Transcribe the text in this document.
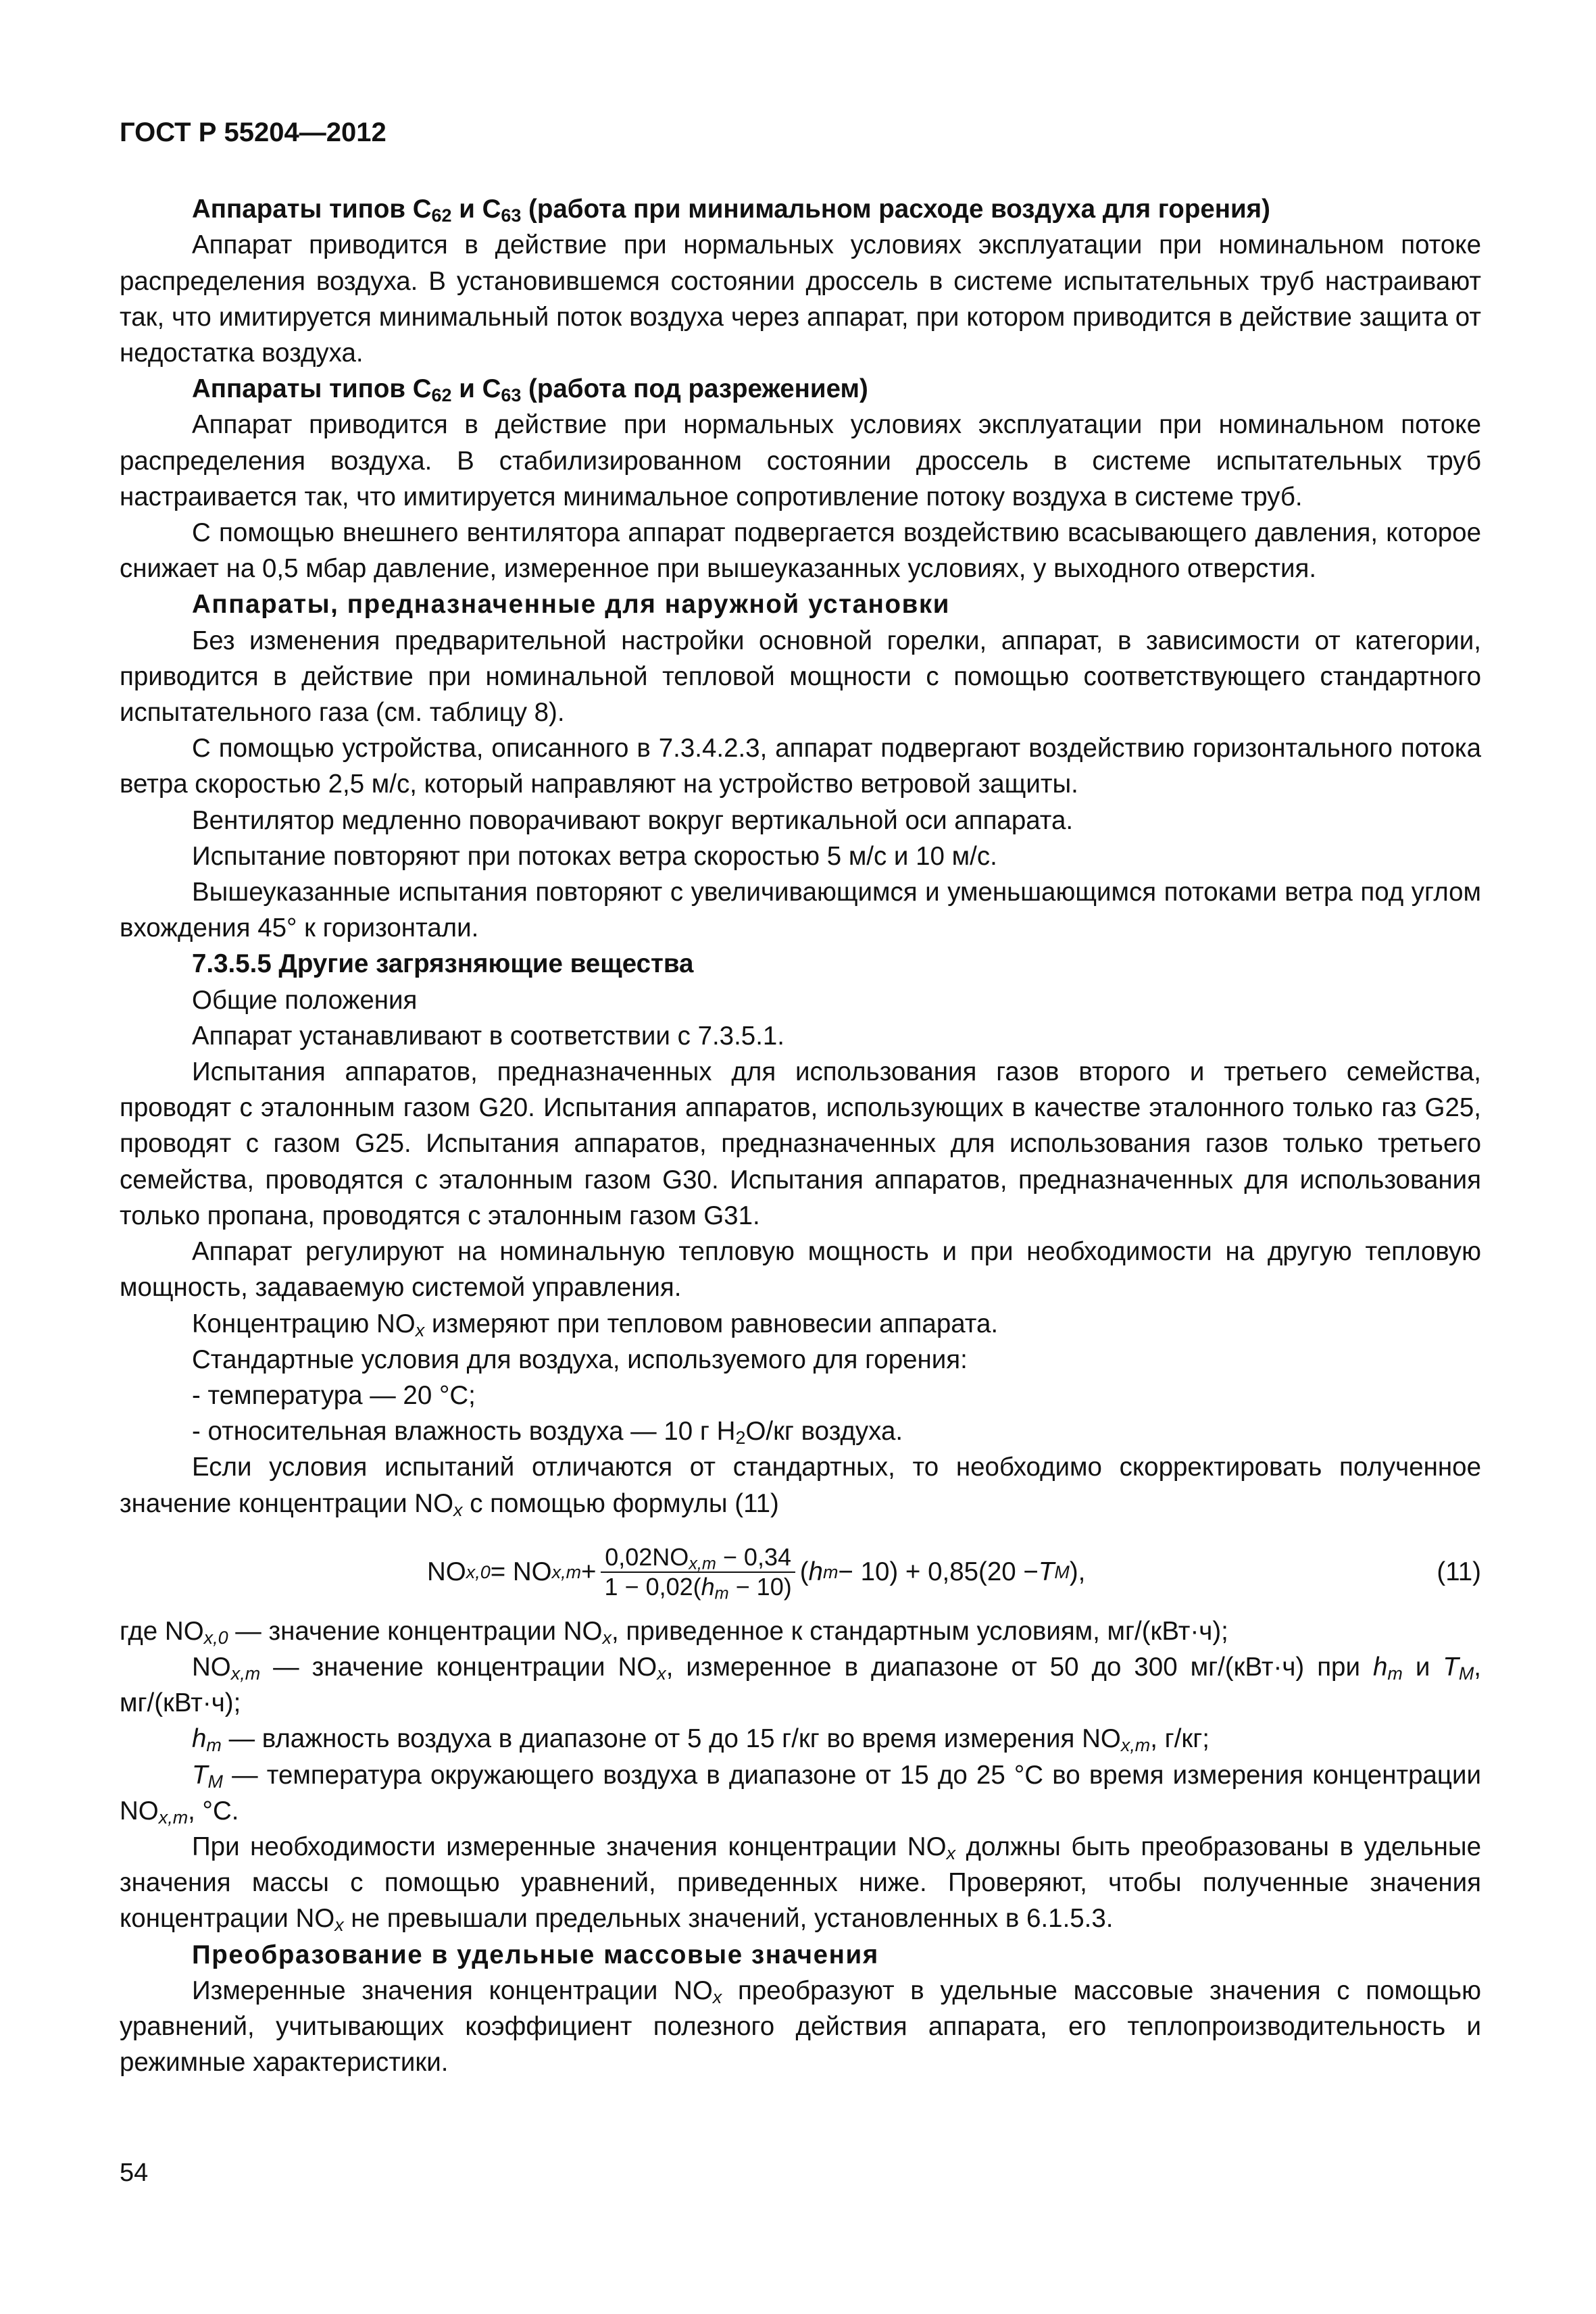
ГОСТ Р 55204—2012

Аппараты типов $С_{62}$ и $С_{63}$ (работа при минимальном расходе воздуха для горения)

Аппарат приводится в действие при нормальных условиях эксплуатации при номинальном потоке распределения воздуха. В установившемся состоянии дроссель в системе испытательных труб настраивают так, что имитируется минимальный поток воздуха через аппарат, при котором приводится в действие защита от недостатка воздуха.

Аппараты типов $С_{62}$ и $С_{63}$ (работа под разрежением)

Аппарат приводится в действие при нормальных условиях эксплуатации при номинальном потоке распределения воздуха. В стабилизированном состоянии дроссель в системе испытательных труб настраивается так, что имитируется минимальное сопротивление потоку воздуха в системе труб.

С помощью внешнего вентилятора аппарат подвергается воздействию всасывающего давления, которое снижает на 0,5 мбар давление, измеренное при вышеуказанных условиях, у выходного отверстия.

Аппараты, предназначенные для наружной установки

Без изменения предварительной настройки основной горелки, аппарат, в зависимости от категории, приводится в действие при номинальной тепловой мощности с помощью соответствующего стандартного испытательного газа (см. таблицу 8).

С помощью устройства, описанного в 7.3.4.2.3, аппарат подвергают воздействию горизонтального потока ветра скоростью 2,5 м/с, который направляют на устройство ветровой защиты.

Вентилятор медленно поворачивают вокруг вертикальной оси аппарата.

Испытание повторяют при потоках ветра скоростью 5 м/с и 10 м/с.

Вышеуказанные испытания повторяют с увеличивающимся и уменьшающимся потоками ветра под углом вхождения 45° к горизонтали.

7.3.5.5 Другие загрязняющие вещества

Общие положения

Аппарат устанавливают в соответствии с 7.3.5.1.

Испытания аппаратов, предназначенных для использования газов второго и третьего семейства, проводят с эталонным газом G20. Испытания аппаратов, использующих в качестве эталонного только газ G25, проводят с газом G25. Испытания аппаратов, предназначенных для использования газов только третьего семейства, проводятся с эталонным газом G30. Испытания аппаратов, предназначенных для использования только пропана, проводятся с эталонным газом G31.

Аппарат регулируют на номинальную тепловую мощность и при необходимости на другую тепловую мощность, задаваемую системой управления.

Концентрацию $NO_x$ измеряют при тепловом равновесии аппарата.

Стандартные условия для воздуха, используемого для горения:

- температура — 20 °С;

- относительная влажность воздуха — 10 г $H_2O/кг$ воздуха.

Если условия испытаний отличаются от стандартных, то необходимо скорректировать полученное значение концентрации $NO_x$ с помощью формулы (11)

NO x,0 = NO $x,m + \frac{0,02NO_{x,m} - 0,34}{1 - 0,02(h_m - 10)}$ ( h m − 10) + 0,85(20 − T M ),	(11)

где $NO_{x,0}$ — значение концентрации $NO_x$, приведенное к стандартным условиям, мг/(кВт·ч);

$NO_{x,m}$ — значение концентрации $NO_x$, измеренное в диапазоне от 50 до 300 мг/(кВт·ч) при $h_m$ и $T_M$, мг/(кВт·ч);

$h_m$ — влажность воздуха в диапазоне от 5 до 15 г/кг во время измерения $NO_{x,m}$, г/кг;

$T_M$ — температура окружающего воздуха в диапазоне от 15 до 25 °С во время измерения концентрации $NO_{x,m}$, °С.

При необходимости измеренные значения концентрации $NO_x$ должны быть преобразованы в удельные значения массы с помощью уравнений, приведенных ниже. Проверяют, чтобы полученные значения концентрации $NO_x$ не превышали предельных значений, установленных в 6.1.5.3.

Преобразование в удельные массовые значения

Измеренные значения концентрации $NO_x$ преобразуют в удельные массовые значения с помощью уравнений, учитывающих коэффициент полезного действия аппарата, его теплопроизводительность и режимные характеристики.

54
